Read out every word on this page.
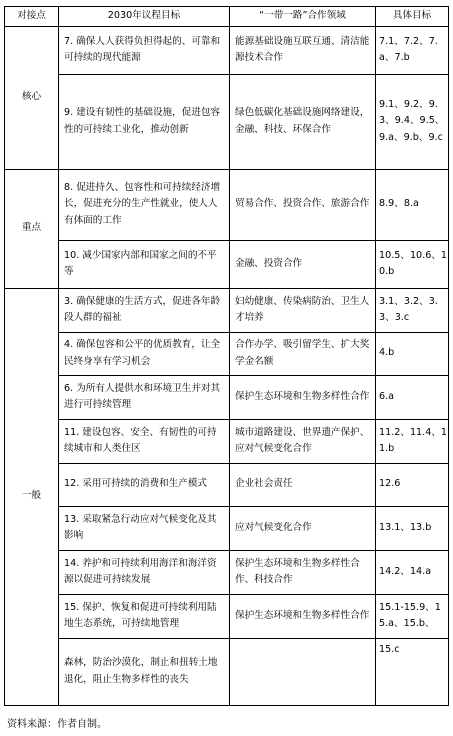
对接点	2030年议程目标	“一带一路”合作领域	具体目标
核心	7. 确保人人获得负担得起的、可靠和可持续的现代能源	能源基础设施互联互通、清洁能源技术合作	7.1、7.2、7.a、7.b

	9. 建设有韧性的基础设施，促进包容性的可持续工业化，推动创新	绿色低碳化基础设施网络建设，金融、科技、环保合作	9.1、9.2、9.3、9.4、9.5、9.a、9.b、9.c

重点	8. 促进持久、包容性和可持续经济增长，促进充分的生产性就业，使人人有体面的工作	贸易合作、投资合作、旅游合作	8.9、8.a

	10. 减少国家内部和国家之间的不平等	金融、投资合作	10.5、10.6、10.b

一般	3. 确保健康的生活方式，促进各年龄段人群的福祉	妇幼健康、传染病防治、卫生人才培养	3.1、3.2、3.3、3.c

	4. 确保包容和公平的优质教育，让全民终身享有学习机会	合作办学、吸引留学生、扩大奖学金名额	4.b

	6. 为所有人提供水和环境卫生并对其进行可持续管理	保护生态环境和生物多样性合作	6.a

	11. 建设包容、安全、有韧性的可持续城市和人类住区	城市道路建设、世界遗产保护、应对气候变化合作	11.2、11.4、11.b

	12. 采用可持续的消费和生产模式	企业社会责任	12.6

	13. 采取紧急行动应对气候变化及其影响	应对气候变化合作	13.1、13.b

	14. 养护和可持续利用海洋和海洋资源以促进可持续发展	保护生态环境和生物多样性合作、科技合作	14.2、14.a

	15. 保护、恢复和促进可持续利用陆地生态系统，可持续地管理	保护生态环境和生物多样性合作	15.1-15.9、15.a、15.b、

	森林，防治沙漠化，制止和扭转土地退化，阻止生物多样性的丧失		15.c
资料来源：作者自制。
